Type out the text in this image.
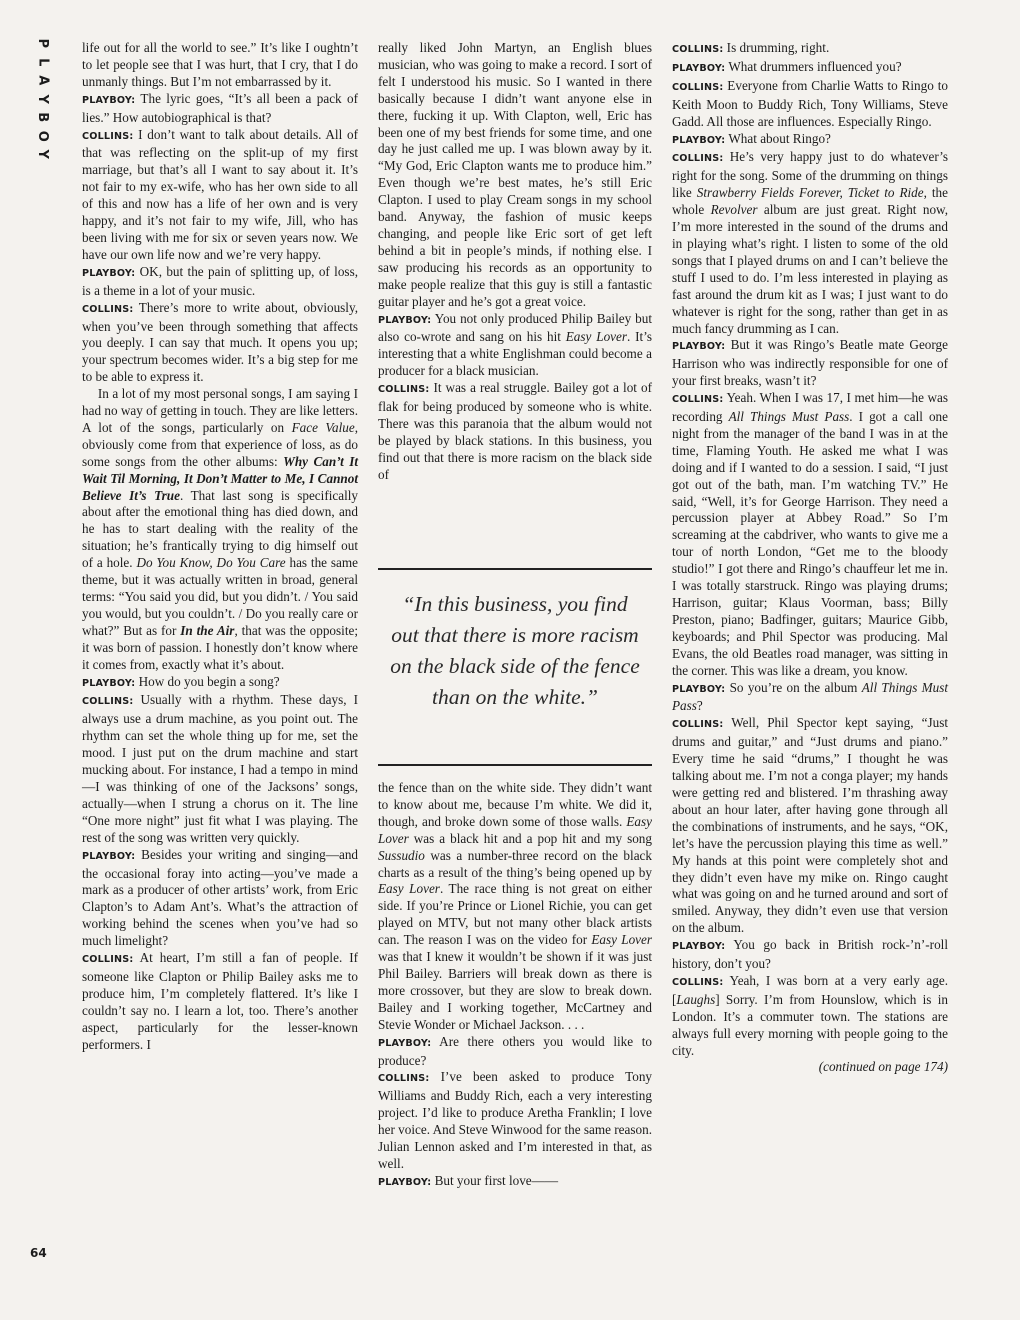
P
L
A
Y
B
O
Y
64

life out for all the world to see.” It’s like I oughtn’t to let people see that I was hurt, that I cry, that I do unmanly things. But I’m not embarrassed by it.

PLAYBOY: The lyric goes, “It’s all been a pack of lies.” How autobiographical is that?

COLLINS: I don’t want to talk about details. All of that was reflecting on the split-up of my first marriage, but that’s all I want to say about it. It’s not fair to my ex-wife, who has her own side to all of this and now has a life of her own and is very happy, and it’s not fair to my wife, Jill, who has been living with me for six or seven years now. We have our own life now and we’re very happy.

PLAYBOY: OK, but the pain of splitting up, of loss, is a theme in a lot of your music.

COLLINS: There’s more to write about, obviously, when you’ve been through something that affects you deeply. I can say that much. It opens you up; your spectrum becomes wider. It’s a big step for me to be able to express it.

In a lot of my most personal songs, I am saying I had no way of getting in touch. They are like letters. A lot of the songs, particularly on Face Value, obviously come from that experience of loss, as do some songs from the other albums: Why Can’t It Wait Til Morning, It Don’t Matter to Me, I Cannot Believe It’s True. That last song is specifically about after the emotional thing has died down, and he has to start dealing with the reality of the situation; he’s frantically trying to dig himself out of a hole. Do You Know, Do You Care has the same theme, but it was actually written in broad, general terms: “You said you did, but you didn’t. / You said you would, but you couldn’t. / Do you really care or what?” But as for In the Air, that was the opposite; it was born of passion. I honestly don’t know where it comes from, exactly what it’s about.

PLAYBOY: How do you begin a song?

COLLINS: Usually with a rhythm. These days, I always use a drum machine, as you point out. The rhythm can set the whole thing up for me, set the mood. I just put on the drum machine and start mucking about. For instance, I had a tempo in mind—I was thinking of one of the Jacksons’ songs, actually—when I strung a chorus on it. The line “One more night” just fit what I was playing. The rest of the song was written very quickly.

PLAYBOY: Besides your writing and singing—and the occasional foray into acting—you’ve made a mark as a producer of other artists’ work, from Eric Clapton’s to Adam Ant’s. What’s the attraction of working behind the scenes when you’ve had so much limelight?

COLLINS: At heart, I’m still a fan of people. If someone like Clapton or Philip Bailey asks me to produce him, I’m completely flattered. It’s like I couldn’t say no. I learn a lot, too. There’s another aspect, particularly for the lesser-known performers. I

really liked John Martyn, an English blues musician, who was going to make a record. I sort of felt I understood his music. So I wanted in there basically because I didn’t want anyone else in there, fucking it up. With Clapton, well, Eric has been one of my best friends for some time, and one day he just called me up. I was blown away by it. “My God, Eric Clapton wants me to produce him.” Even though we’re best mates, he’s still Eric Clapton. I used to play Cream songs in my school band. Anyway, the fashion of music keeps changing, and people like Eric sort of get left behind a bit in people’s minds, if nothing else. I saw producing his records as an opportunity to make people realize that this guy is still a fantastic guitar player and he’s got a great voice.

PLAYBOY: You not only produced Philip Bailey but also co-wrote and sang on his hit Easy Lover. It’s interesting that a white Englishman could become a producer for a black musician.

COLLINS: It was a real struggle. Bailey got a lot of flak for being produced by someone who is white. There was this paranoia that the album would not be played by black stations. In this business, you find out that there is more racism on the black side of

“In this business, you find out that there is more racism on the black side of the fence than on the white.”

the fence than on the white side. They didn’t want to know about me, because I’m white. We did it, though, and broke down some of those walls. Easy Lover was a black hit and a pop hit and my song Sussudio was a number-three record on the black charts as a result of the thing’s being opened up by Easy Lover. The race thing is not great on either side. If you’re Prince or Lionel Richie, you can get played on MTV, but not many other black artists can. The reason I was on the video for Easy Lover was that I knew it wouldn’t be shown if it was just Phil Bailey. Barriers will break down as there is more crossover, but they are slow to break down. Bailey and I working together, McCartney and Stevie Wonder or Michael Jackson. . . .

PLAYBOY: Are there others you would like to produce?

COLLINS: I’ve been asked to produce Tony Williams and Buddy Rich, each a very interesting project. I’d like to produce Aretha Franklin; I love her voice. And Steve Winwood for the same reason. Julian Lennon asked and I’m interested in that, as well.

PLAYBOY: But your first love——

COLLINS: Is drumming, right.

PLAYBOY: What drummers influenced you?

COLLINS: Everyone from Charlie Watts to Ringo to Keith Moon to Buddy Rich, Tony Williams, Steve Gadd. All those are influences. Especially Ringo.

PLAYBOY: What about Ringo?

COLLINS: He’s very happy just to do whatever’s right for the song. Some of the drumming on things like Strawberry Fields Forever, Ticket to Ride, the whole Revolver album are just great. Right now, I’m more interested in the sound of the drums and in playing what’s right. I listen to some of the old songs that I played drums on and I can’t believe the stuff I used to do. I’m less interested in playing as fast around the drum kit as I was; I just want to do whatever is right for the song, rather than get in as much fancy drumming as I can.

PLAYBOY: But it was Ringo’s Beatle mate George Harrison who was indirectly responsible for one of your first breaks, wasn’t it?

COLLINS: Yeah. When I was 17, I met him—he was recording All Things Must Pass. I got a call one night from the manager of the band I was in at the time, Flaming Youth. He asked me what I was doing and if I wanted to do a session. I said, “I just got out of the bath, man. I’m watching TV.” He said, “Well, it’s for George Harrison. They need a percussion player at Abbey Road.” So I’m screaming at the cabdriver, who wants to give me a tour of north London, “Get me to the bloody studio!” I got there and Ringo’s chauffeur let me in. I was totally starstruck. Ringo was playing drums; Harrison, guitar; Klaus Voorman, bass; Billy Preston, piano; Badfinger, guitars; Maurice Gibb, keyboards; and Phil Spector was producing. Mal Evans, the old Beatles road manager, was sitting in the corner. This was like a dream, you know.

PLAYBOY: So you’re on the album All Things Must Pass?

COLLINS: Well, Phil Spector kept saying, “Just drums and guitar,” and “Just drums and piano.” Every time he said “drums,” I thought he was talking about me. I’m not a conga player; my hands were getting red and blistered. I’m thrashing away about an hour later, after having gone through all the combinations of instruments, and he says, “OK, let’s have the percussion playing this time as well.” My hands at this point were completely shot and they didn’t even have my mike on. Ringo caught what was going on and he turned around and sort of smiled. Anyway, they didn’t even use that version on the album.

PLAYBOY: You go back in British rock-’n’-roll history, don’t you?

COLLINS: Yeah, I was born at a very early age. [Laughs] Sorry. I’m from Hounslow, which is in London. It’s a commuter town. The stations are always full every morning with people going to the city.

(continued on page 174)
